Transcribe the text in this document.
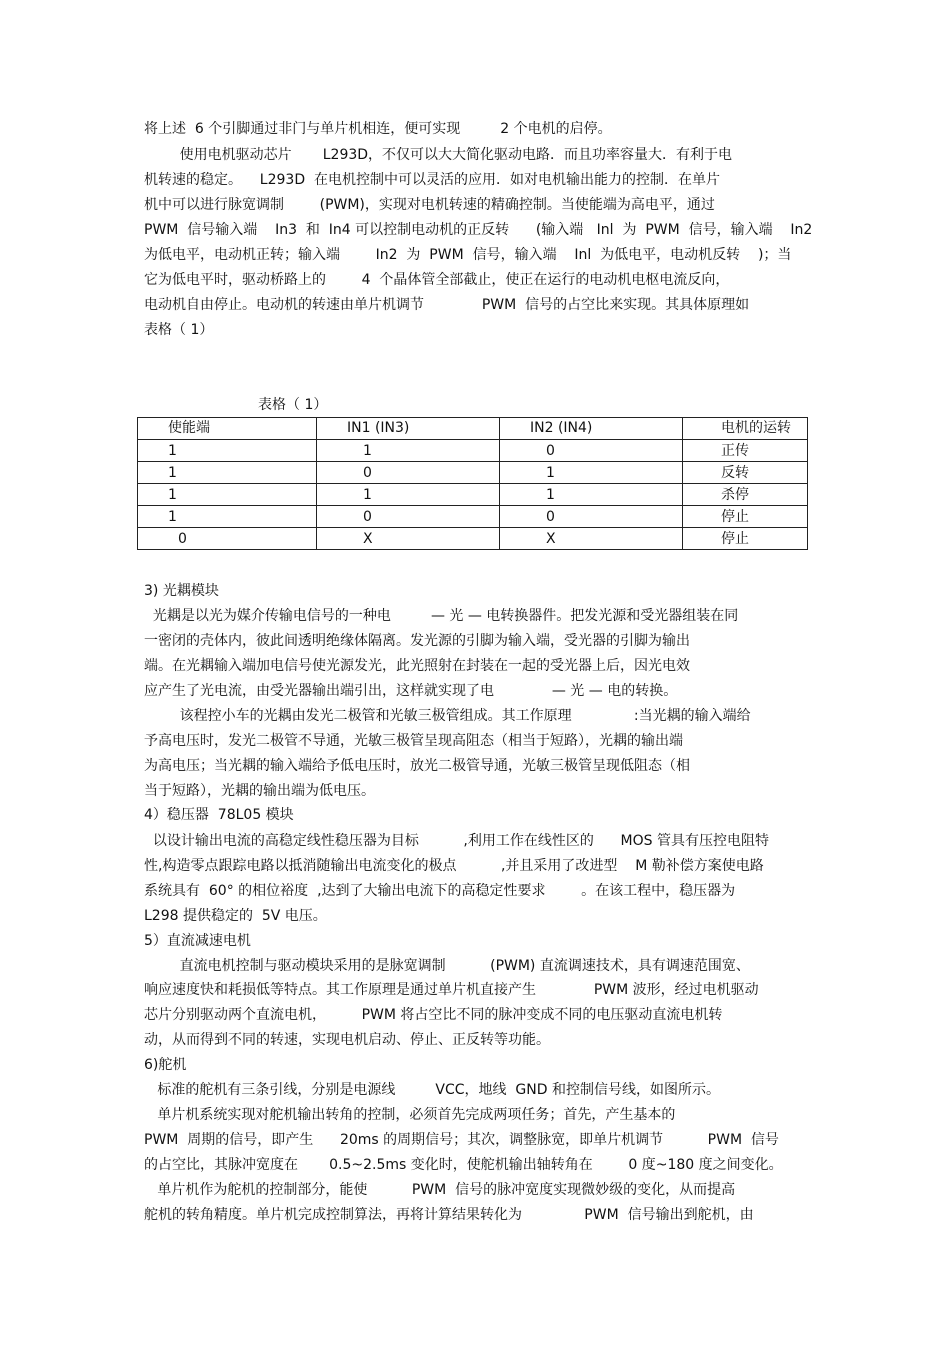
将上述  6 个引脚通过非门与单片机相连，便可实现         2 个电机的启停。
使用电机驱动芯片       L293D，不仅可以大大简化驱动电路．而且功率容量大．有利于电
机转速的稳定。    L293D  在电机控制中可以灵活的应用．如对电机输出能力的控制．在单片
机中可以进行脉宽调制        (PWM)，实现对电机转速的精确控制。当使能端为高电平，通过
PWM  信号输入端    In3  和  In4 可以控制电动机的正反转      (输入端   Inl  为  PWM  信号，输入端    In2
为低电平，电动机正转；输入端        In2  为  PWM  信号，输入端    Inl  为低电平，电动机反转    )；当
它为低电平时，驱动桥路上的        4  个晶体管全部截止，使正在运行的电动机电枢电流反向，
电动机自由停止。电动机的转速由单片机调节             PWM  信号的占空比来实现。其具体原理如
表格（ 1）
表格（ 1）
使能端	IN1 (IN3)	IN2 (IN4)	电机的运转
1	1	0	正传
1	0	1	反转
1	1	1	杀停
1	0	0	停止
0	X	X	停止
3) 光耦模块
光耦是以光为媒介传输电信号的一种电         — 光 — 电转换器件。把发光源和受光器组装在同
一密闭的壳体内，彼此间透明绝缘体隔离。发光源的引脚为输入端，受光器的引脚为输出
端。在光耦输入端加电信号使光源发光，此光照射在封装在一起的受光器上后，因光电效
应产生了光电流，由受光器输出端引出，这样就实现了电             — 光 — 电的转换。
该程控小车的光耦由发光二极管和光敏三极管组成。其工作原理              :当光耦的输入端给
予高电压时，发光二极管不导通，光敏三极管呈现高阻态（相当于短路），光耦的输出端
为高电压；当光耦的输入端给予低电压时，放光二极管导通，光敏三极管呈现低阻态（相
当于短路），光耦的输出端为低电压。
4）稳压器  78L05 模块
以设计输出电流的高稳定线性稳压器为目标          ,利用工作在线性区的      MOS 管具有压控电阻特
性,构造零点跟踪电路以抵消随输出电流变化的极点          ,并且采用了改进型    M 勒补偿方案使电路
系统具有  60° 的相位裕度  ,达到了大输出电流下的高稳定性要求        。在该工程中，稳压器为
L298 提供稳定的  5V 电压。
5）直流减速电机
直流电机控制与驱动模块采用的是脉宽调制          (PWM) 直流调速技术，具有调速范围宽、
响应速度快和耗损低等特点。其工作原理是通过单片机直接产生             PWM 波形，经过电机驱动
芯片分别驱动两个直流电机，        PWM 将占空比不同的脉冲变成不同的电压驱动直流电机转
动，从而得到不同的转速，实现电机启动、停止、正反转等功能。
6)舵机
标准的舵机有三条引线，分别是电源线         VCC，地线  GND 和控制信号线，如图所示。
单片机系统实现对舵机输出转角的控制，必须首先完成两项任务；首先，产生基本的
PWM  周期的信号，即产生      20ms 的周期信号；其次，调整脉宽，即单片机调节          PWM  信号
的占空比，其脉冲宽度在       0.5~2.5ms 变化时，使舵机输出轴转角在        0 度~180 度之间变化。
单片机作为舵机的控制部分，能使          PWM  信号的脉冲宽度实现微妙级的变化，从而提高
舵机的转角精度。单片机完成控制算法，再将计算结果转化为              PWM  信号输出到舵机，由
